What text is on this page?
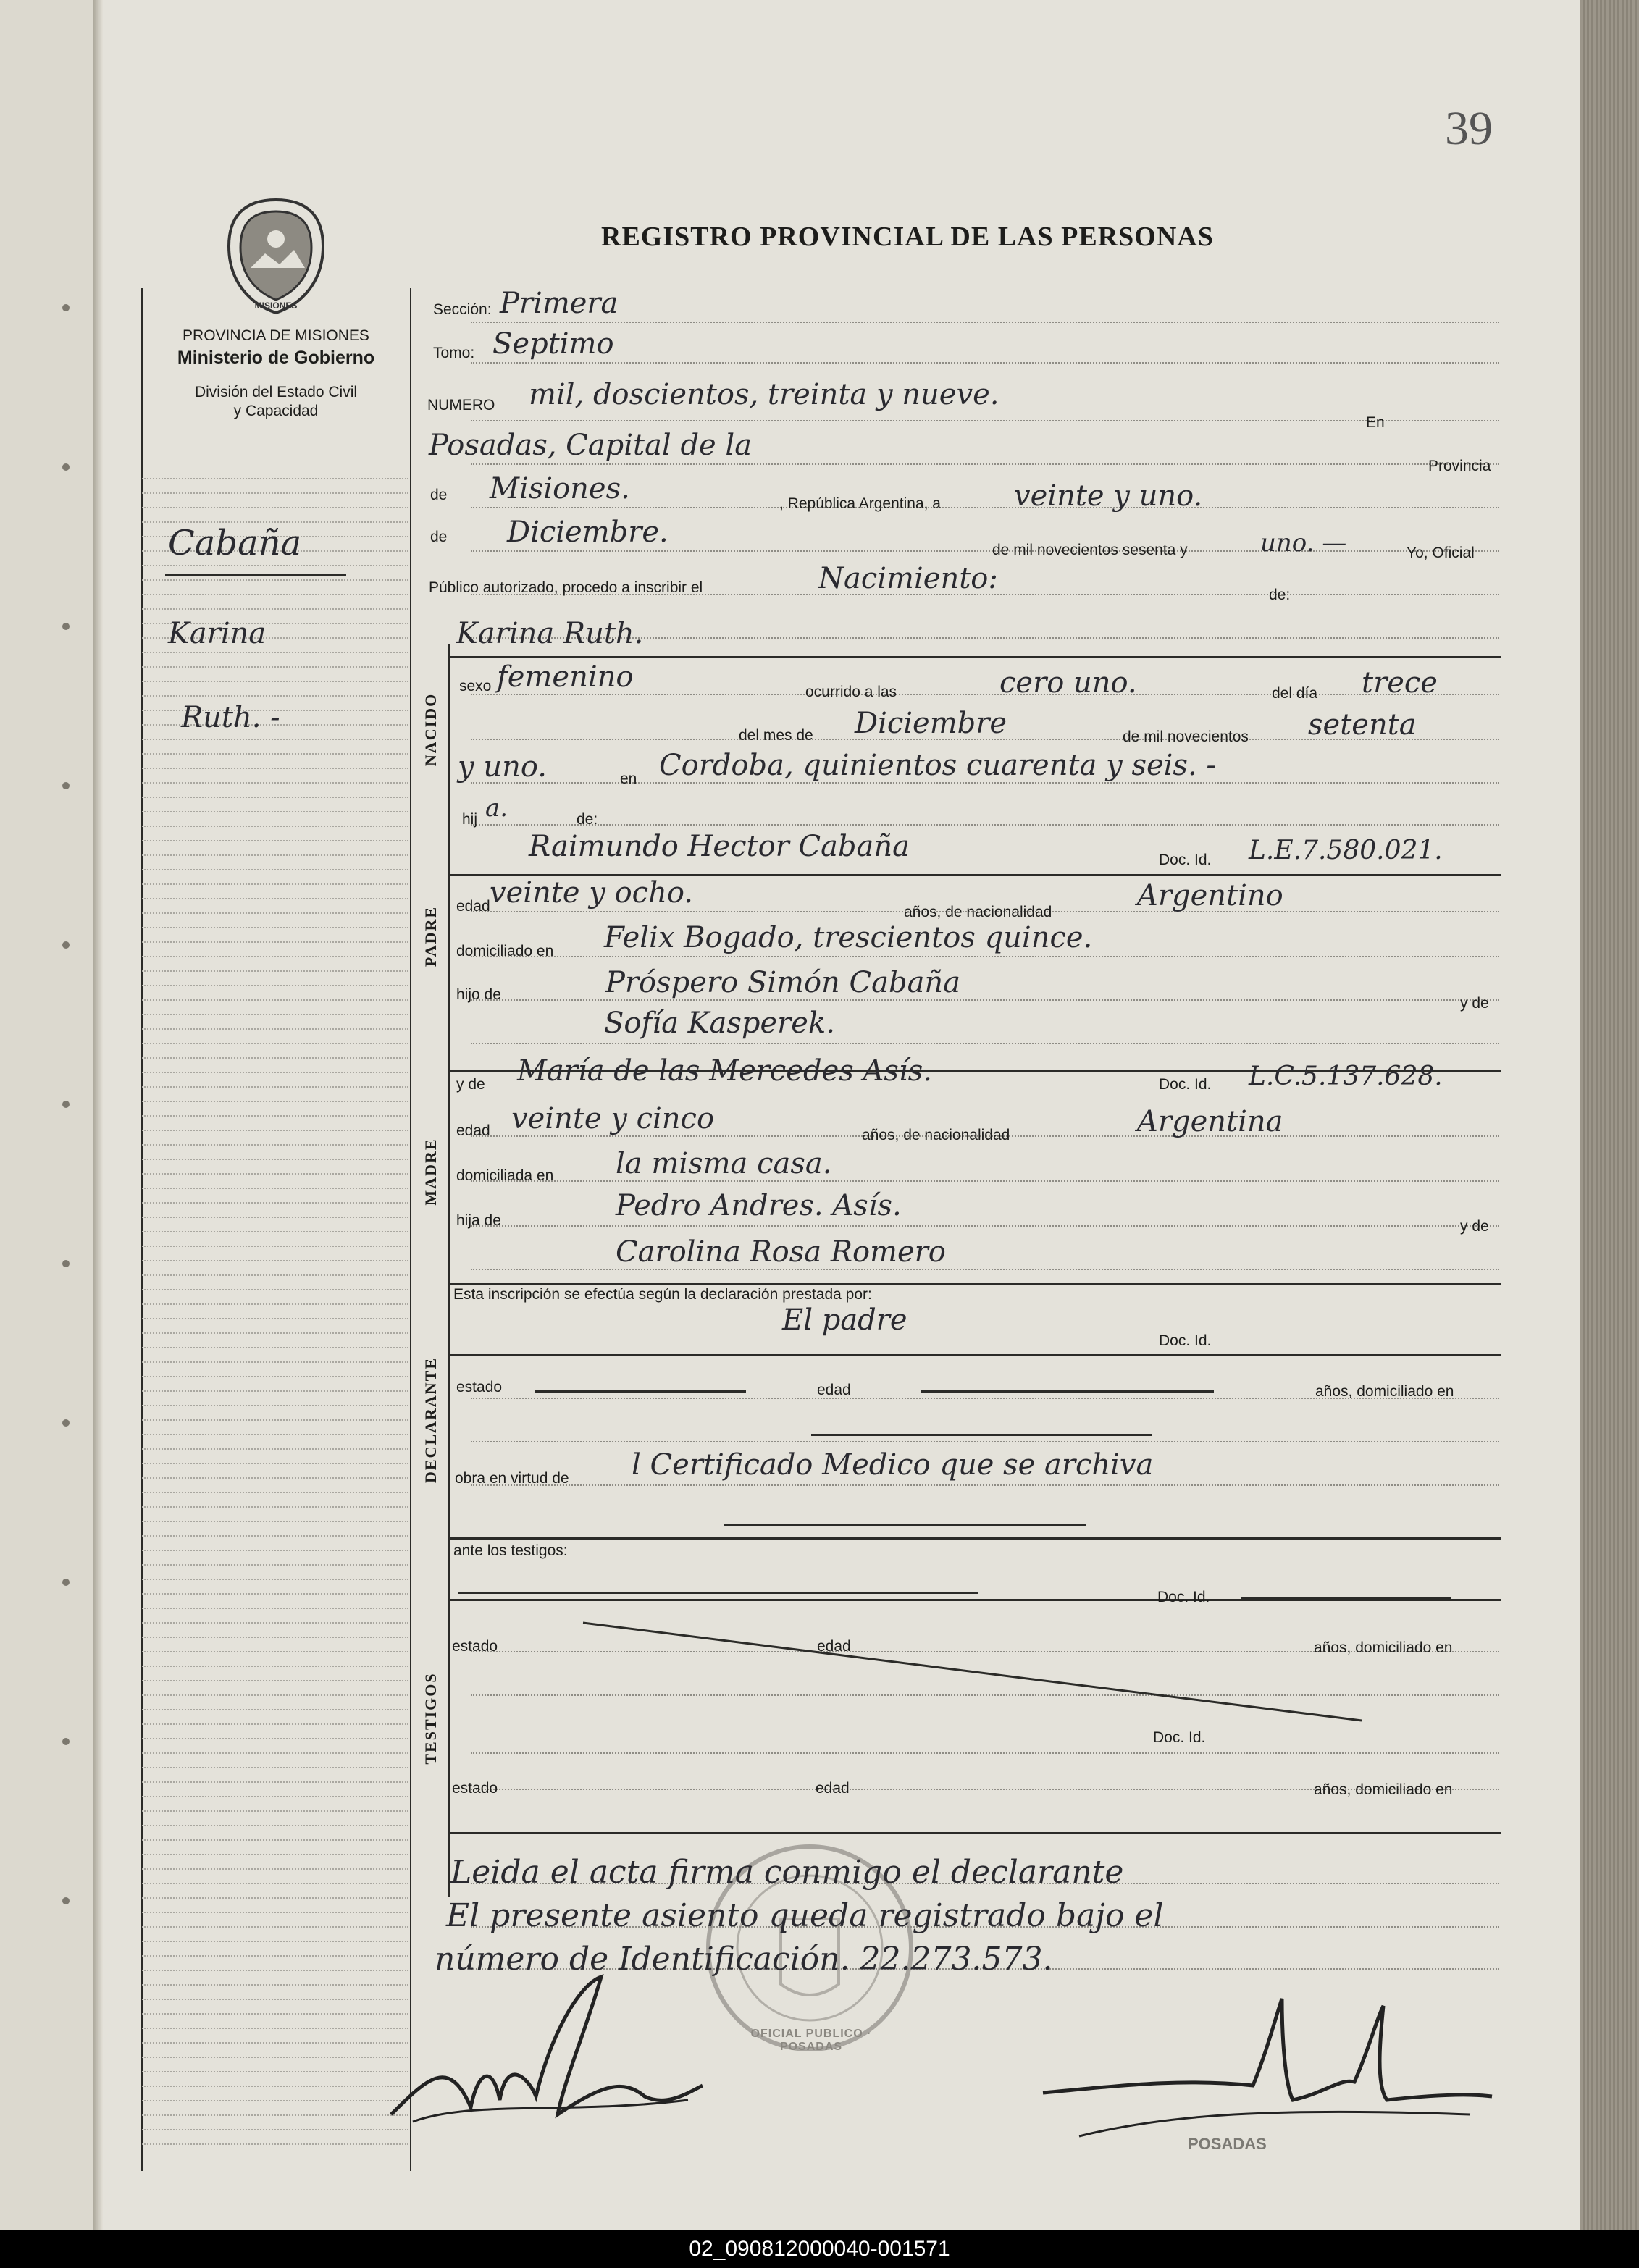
39
MISIONES
PROVINCIA DE MISIONES
Ministerio de Gobierno
División del Estado Civil
y Capacidad
REGISTRO PROVINCIAL DE LAS PERSONAS
Cabaña
Karina
Ruth. -	NACIDO
PADRE
MADRE
DECLARANTE
TESTIGOS
Sección: Primera
Tomo: Septimo
NUMERO mil, doscientos, treinta y nueve.
En
Posadas, Capital de la
Provincia
de Misiones.	, República Argentina, a	veinte y uno.
de Diciembre.
de mil novecientos sesenta y	uno. —	Yo, Oficial
Público autorizado, procedo a inscribir el	Nacimiento:	de:
Karina Ruth.
sexo femenino	ocurrido a las	cero uno.	del día trece
del mes de Diciembre	de mil novecientos setenta
y uno.	en Cordoba, quinientos cuarenta y seis. -
hij a.	de:
Raimundo Hector Cabaña	Doc. Id. L.E.7.580.021.
edad veinte y ocho.
años, de nacionalidad	Argentino
domiciliado en Felix Bogado, trescientos quince.
hijo de	Próspero Simón Cabaña
y de
Sofía Kasperek.
y de María de las Mercedes Asís.	Doc. Id. L.C.5.137.628.
edad veinte y cinco	años, de nacionalidad	Argentina
domiciliada en la misma casa.
hija de	Pedro Andres. Asís.
y de
Carolina Rosa Romero
Esta inscripción se efectúa según la declaración prestada por:
El padre
Doc. Id.
estado	edad	años, domiciliado en
obra en virtud de l Certificado Medico que se archiva
ante los testigos:
Doc. Id.
estado	edad	años, domiciliado en
Doc. Id.
estado	edad	años, domiciliado en
OFICIAL PUBLICO · POSADAS
POSADAS
Leida el acta firma conmigo el declarante
El presente asiento queda registrado bajo el
número de Identificación. 22.273.573.
02_090812000040-001571
